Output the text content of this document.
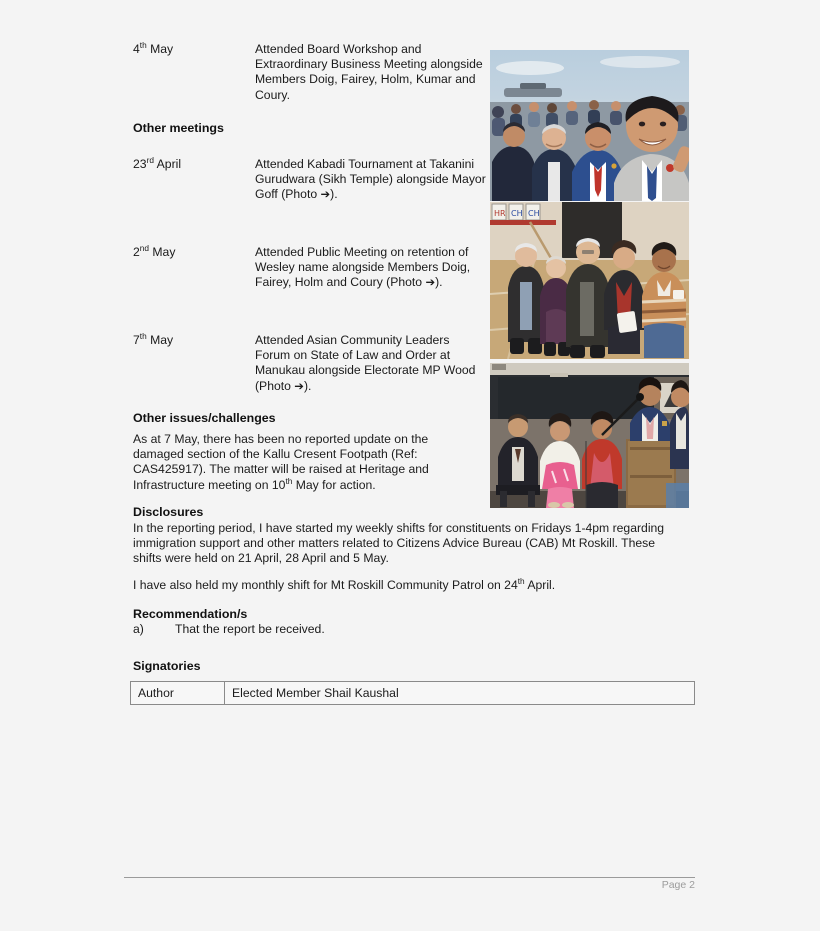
4th May	Attended Board Workshop and Extraordinary Business Meeting alongside Members Doig, Fairey, Holm, Kumar and Coury.
Other meetings
23rd April	Attended Kabadi Tournament at Takanini Gurudwara (Sikh Temple) alongside Mayor Goff (Photo ➔).
2nd May	Attended Public Meeting on retention of Wesley name alongside Members Doig, Fairey, Holm and Coury (Photo ➔).
7th May	Attended Asian Community Leaders Forum on State of Law and Order at Manukau alongside Electorate MP Wood (Photo ➔).
Other issues/challenges
As at 7 May, there has been no reported update on the damaged section of the Kallu Cresent Footpath (Ref: CAS425917). The matter will be raised at Heritage and Infrastructure meeting on 10th May for action.
Disclosures
In the reporting period, I have started my weekly shifts for constituents on Fridays 1-4pm regarding immigration support and other matters related to Citizens Advice Bureau (CAB) Mt Roskill. These shifts were held on 21 April, 28 April and 5 May.
I have also held my monthly shift for Mt Roskill Community Patrol on 24th April.
Recommendation/s
a)	That the report be received.
Signatories
Author	Elected Member Shail Kaushal
HR CH CH
Page 2
